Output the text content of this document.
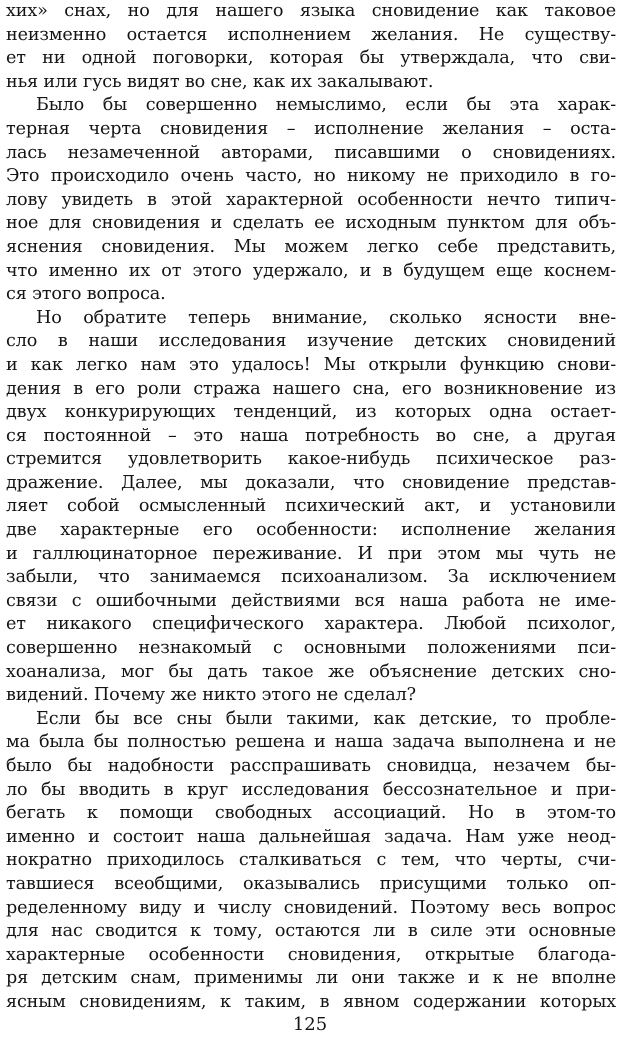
хих» снах, но для нашего языка сновидение как таковое
неизменно остается исполнением желания. Не существу-
ет ни одной поговорки, которая бы утверждала, что сви-
нья или гусь видят во сне, как их закалывают.
Было бы совершенно немыслимо, если бы эта харак-
терная черта сновидения – исполнение желания – оста-
лась незамеченной авторами, писавшими о сновидениях.
Это происходило очень часто, но никому не приходило в го-
лову увидеть в этой характерной особенности нечто типич-
ное для сновидения и сделать ее исходным пунктом для объ-
яснения сновидения. Мы можем легко себе представить,
что именно их от этого удержало, и в будущем еще коснем-
ся этого вопроса.
Но обратите теперь внимание, сколько ясности вне-
сло в наши исследования изучение детских сновидений
и как легко нам это удалось! Мы открыли функцию снови-
дения в его роли стража нашего сна, его возникновение из
двух конкурирующих тенденций, из которых одна остает-
ся постоянной – это наша потребность во сне, а другая
стремится удовлетворить какое-нибудь психическое раз-
дражение. Далее, мы доказали, что сновидение представ-
ляет собой осмысленный психический акт, и установили
две характерные его особенности: исполнение желания
и галлюцинаторное переживание. И при этом мы чуть не
забыли, что занимаемся психоанализом. За исключением
связи с ошибочными действиями вся наша работа не име-
ет никакого специфического характера. Любой психолог,
совершенно незнакомый с основными положениями пси-
хоанализа, мог бы дать такое же объяснение детских сно-
видений. Почему же никто этого не сделал?
Если бы все сны были такими, как детские, то пробле-
ма была бы полностью решена и наша задача выполнена и не
было бы надобности расспрашивать сновидца, незачем бы-
ло бы вводить в круг исследования бессознательное и при-
бегать к помощи свободных ассоциаций. Но в этом-то
именно и состоит наша дальнейшая задача. Нам уже неод-
нократно приходилось сталкиваться с тем, что черты, счи-
тавшиеся всеобщими, оказывались присущими только оп-
ределенному виду и числу сновидений. Поэтому весь вопрос
для нас сводится к тому, остаются ли в силе эти основные
характерные особенности сновидения, открытые благода-
ря детским снам, применимы ли они также и к не вполне
ясным сновидениям, к таким, в явном содержании которых
125
